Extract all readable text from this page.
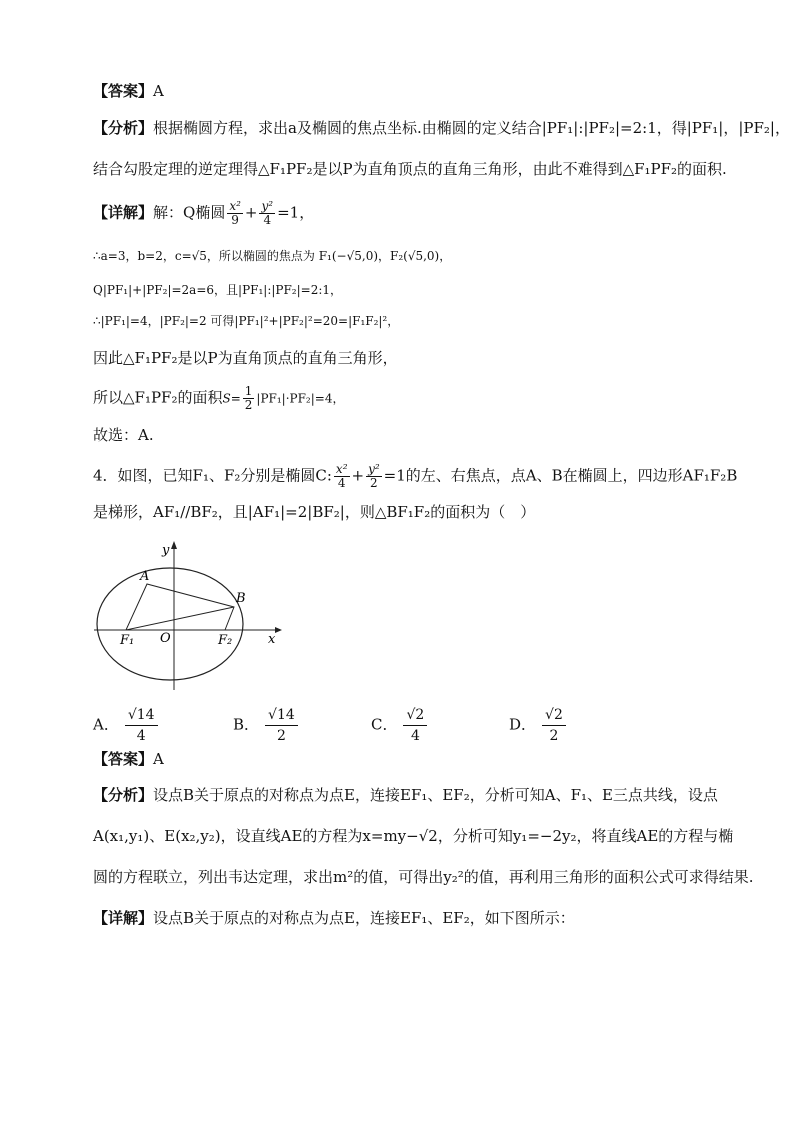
【答案】A
【分析】根据椭圆方程，求出a及椭圆的焦点坐标.由椭圆的定义结合|PF₁|:|PF₂|=2:1，得|PF₁|，|PF₂|，
结合勾股定理的逆定理得△F₁PF₂是以P为直角顶点的直角三角形，由此不难得到△F₁PF₂的面积.
【详解】解：Q椭圆 $\frac{\text{x²}}{9} + \frac{\text{y²}}{4} =1$，
∴a=3，b=2，c=√5，所以椭圆的焦点为 F₁(−√5,0)，F₂(√5,0)，
Q|PF₁|+|PF₂|=2a=6，且|PF₁|:|PF₂|=2:1，
∴|PF₁|=4，|PF₂|=2 可得|PF₁|²+|PF₂|²=20=|F₁F₂|²，
因此△F₁PF₂是以P为直角顶点的直角三角形，
所以△F₁PF₂的面积$S= \frac{1}{2} |PF_1|\cdot PF_2|=4$，
故选：A.
4．如图，已知F₁、F₂分别是椭圆C: $\frac{\text{x²}}{4} + \frac{\text{y²}}{2} =1$的左、右焦点，点A、B在椭圆上，四边形AF₁F₂B
是梯形，AF₁//BF₂，且|AF₁|=2|BF₂|，则△BF₁F₂的面积为（　）
y
x
A
B
O
F₁	F₂
A． $\frac{√14}{4}$	B． $\frac{√14}{2}$	C． $\frac{√2}{4}$	D． $\frac{√2}{2}$
【答案】A
【分析】设点B关于原点的对称点为点E，连接EF₁、EF₂，分析可知A、F₁、E三点共线，设点
A(x₁,y₁)、E(x₂,y₂)，设直线AE的方程为x=my−√2，分析可知y₁=−2y₂，将直线AE的方程与椭
圆的方程联立，列出韦达定理，求出m²的值，可得出y₂²的值，再利用三角形的面积公式可求得结果.
【详解】设点B关于原点的对称点为点E，连接EF₁、EF₂，如下图所示：
